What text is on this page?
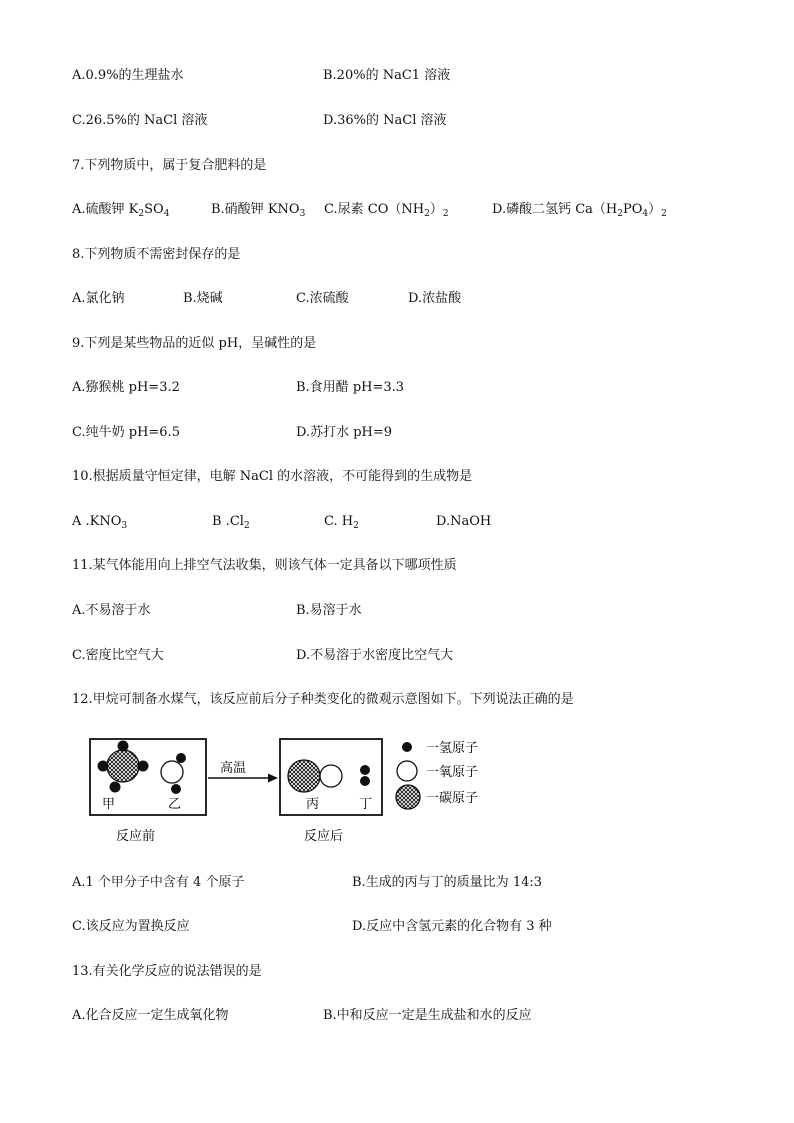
A.0.9%的生理盐水	B.20%的 NaC1 溶液
C.26.5%的 NaCl 溶液	D.36%的 NaCl 溶液
7.下列物质中，属于复合肥料的是
A.硫酸钾 $K_2SO_4$	B.硝酸钾 $KNO_3$ C.尿素 $CO(NH_2)_2$	D.磷酸二氢钙 $Ca(H_2PO_4)_2$
8.下列物质不需密封保存的是
A.氯化钠	B.烧碱	C.浓硫酸	D.浓盐酸
9.下列是某些物品的近似 pH，呈碱性的是
A.猕猴桃 pH=3.2	B.食用醋 pH=3.3
C.纯牛奶 pH=6.5	D.苏打水 pH=9
10.根据质量守恒定律，电解 NaCl 的水溶液，不可能得到的生成物是
A $.KNO_3$	B $.Cl_2$	C. $H_2$	D.NaOH
11.某气体能用向上排空气法收集，则该气体一定具备以下哪项性质
A.不易溶于水	B.易溶于水
C.密度比空气大	D.不易溶于水密度比空气大
12.甲烷可制备水煤气，该反应前后分子种类变化的微观示意图如下。下列说法正确的是
甲	乙
高温
丙	丁
反应前	反应后
一氢原子
一氧原子
一碳原子
A.1 个甲分子中含有 4 个原子	B.生成的丙与丁的质量比为 14:3
C.该反应为置换反应	D.反应中含氢元素的化合物有 3 种
13.有关化学反应的说法错误的是
A.化合反应一定生成氧化物	B.中和反应一定是生成盐和水的反应
